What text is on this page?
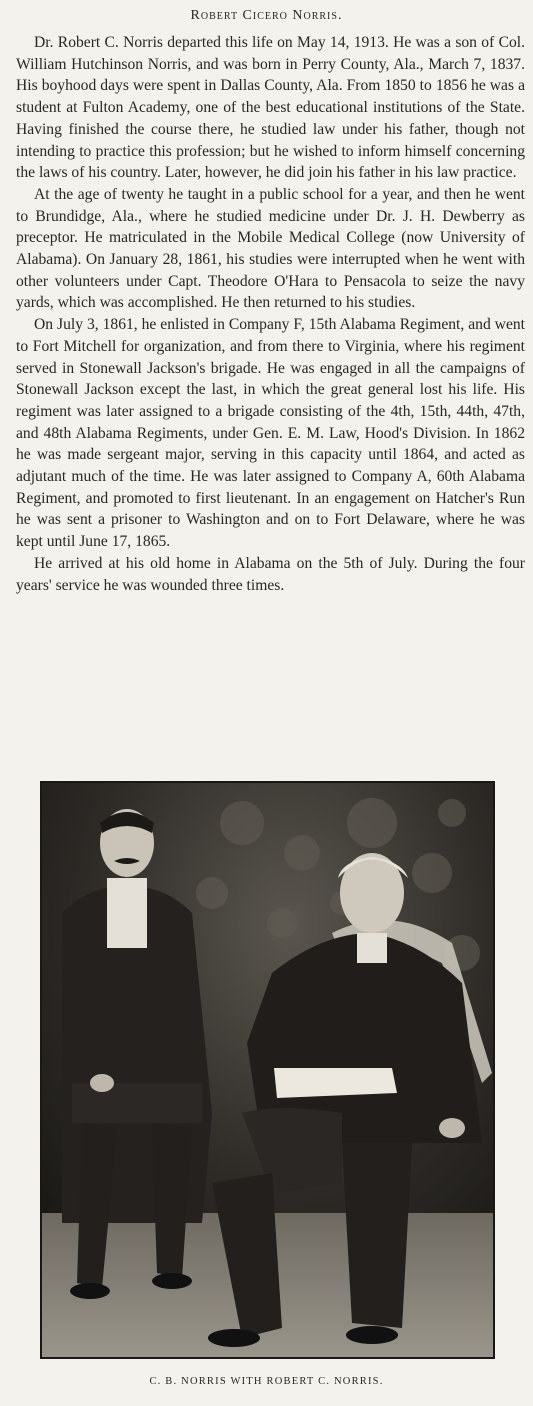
Robert Cicero Norris.

Dr. Robert C. Norris departed this life on May 14, 1913. He was a son of Col. William Hutchinson Norris, and was born in Perry County, Ala., March 7, 1837. His boyhood days were spent in Dallas County, Ala. From 1850 to 1856 he was a student at Fulton Academy, one of the best educational institutions of the State. Having finished the course there, he studied law under his father, though not intending to practice this profession; but he wished to inform himself concerning the laws of his country. Later, however, he did join his father in his law practice.

At the age of twenty he taught in a public school for a year, and then he went to Brundidge, Ala., where he studied medicine under Dr. J. H. Dewberry as preceptor. He matriculated in the Mobile Medical College (now University of Alabama). On January 28, 1861, his studies were interrupted when he went with other volunteers under Capt. Theodore O'Hara to Pensacola to seize the navy yards, which was accomplished. He then returned to his studies.

On July 3, 1861, he enlisted in Company F, 15th Alabama Regiment, and went to Fort Mitchell for organization, and from there to Virginia, where his regiment served in Stonewall Jackson's brigade. He was engaged in all the campaigns of Stonewall Jackson except the last, in which the great general lost his life. His regiment was later assigned to a brigade consisting of the 4th, 15th, 44th, 47th, and 48th Alabama Regiments, under Gen. E. M. Law, Hood's Division. In 1862 he was made sergeant major, serving in this capacity until 1864, and acted as adjutant much of the time. He was later assigned to Company A, 60th Alabama Regiment, and promoted to first lieutenant. In an engagement on Hatcher's Run he was sent a prisoner to Washington and on to Fort Delaware, where he was kept until June 17, 1865.

He arrived at his old home in Alabama on the 5th of July. During the four years' service he was wounded three times.

C. B. NORRIS WITH ROBERT C. NORRIS.
